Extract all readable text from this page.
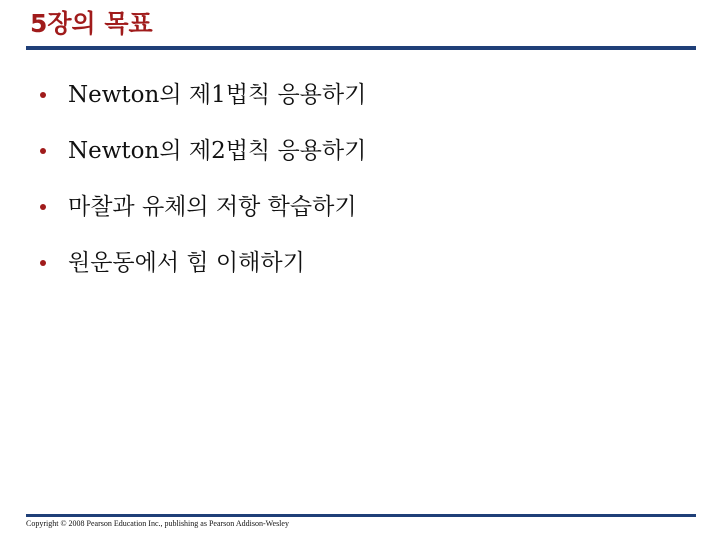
5장의 목표
Newton의 제1법칙 응용하기
Newton의 제2법칙 응용하기
마찰과 유체의 저항 학습하기
원운동에서 힘 이해하기
Copyright © 2008 Pearson Education Inc., publishing as Pearson Addison-Wesley
